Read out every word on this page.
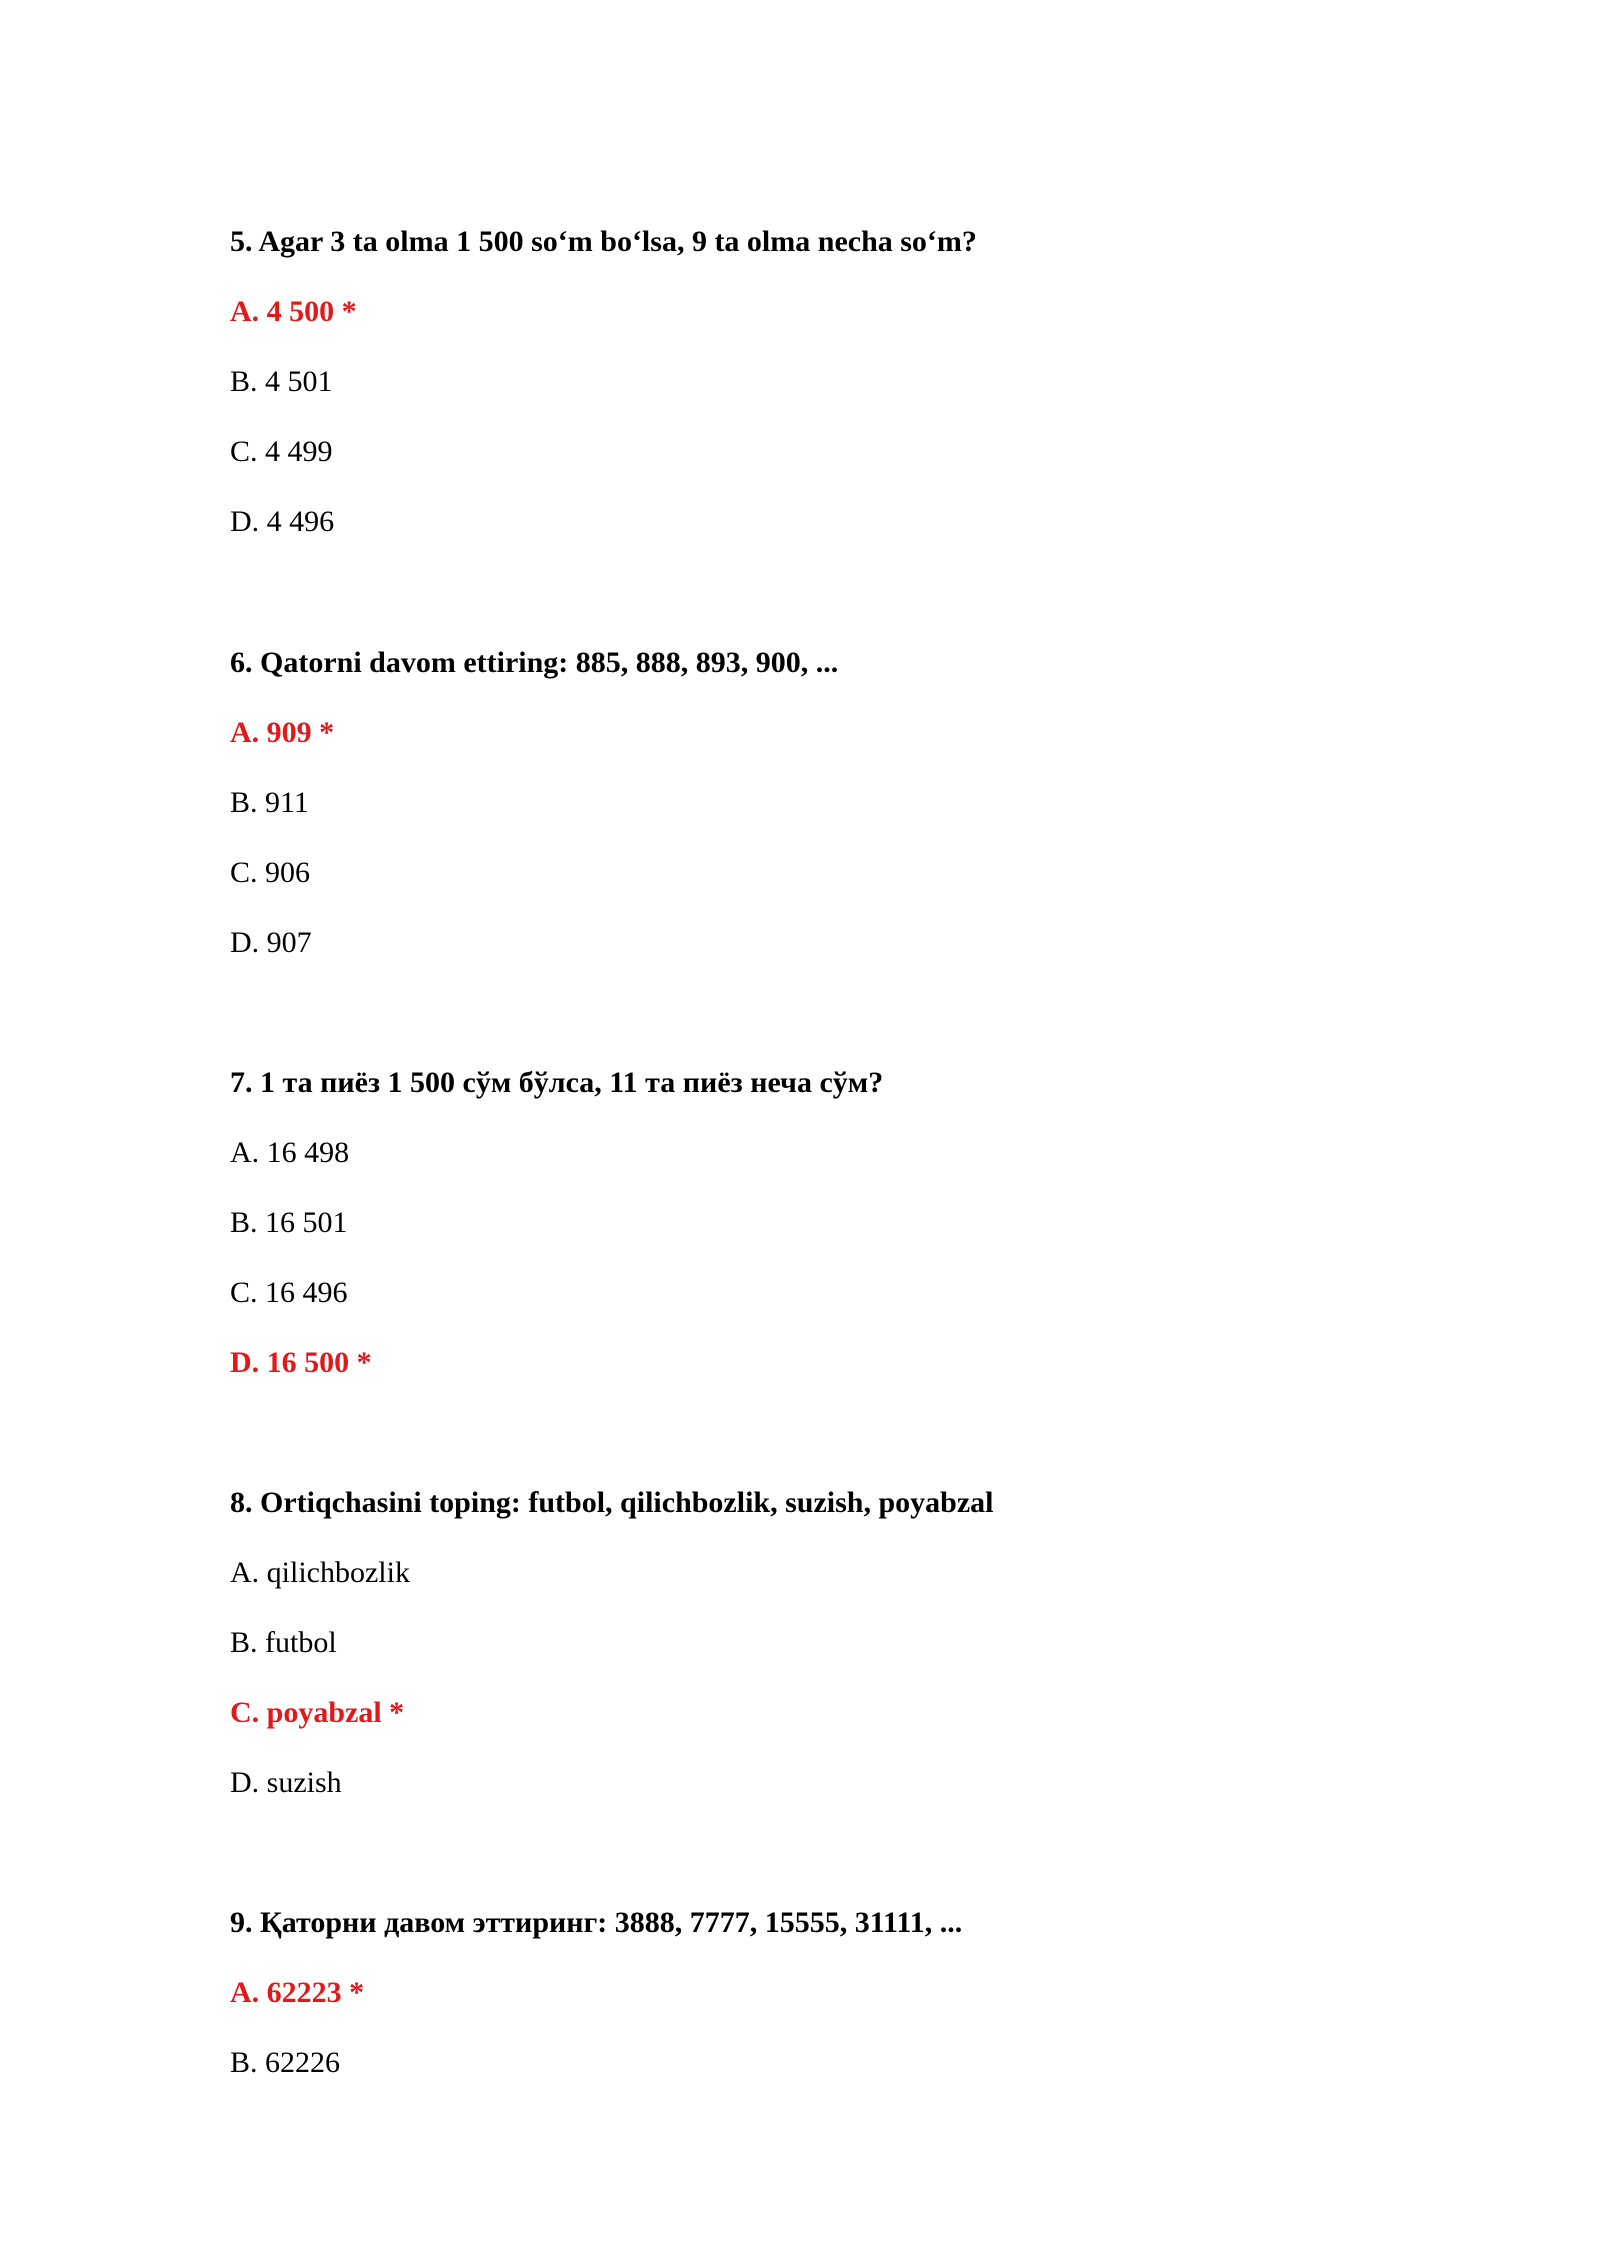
5. Agar 3 ta olma 1 500 so‘m bo‘lsa, 9 ta olma necha so‘m?

A. 4 500 *

B. 4 501

C. 4 499

D. 4 496

6. Qatorni davom ettiring: 885, 888, 893, 900, ...

A. 909 *

B. 911

C. 906

D. 907

7. 1 та пиёз 1 500 сўм бўлса, 11 та пиёз неча сўм?

A. 16 498

B. 16 501

C. 16 496

D. 16 500 *

8. Ortiqchasini toping: futbol, qilichbozlik, suzish, poyabzal

A. qilichbozlik

B. futbol

C. poyabzal *

D. suzish

9. Қаторни давом эттиринг: 3888, 7777, 15555, 31111, ...

A. 62223 *

B. 62226
